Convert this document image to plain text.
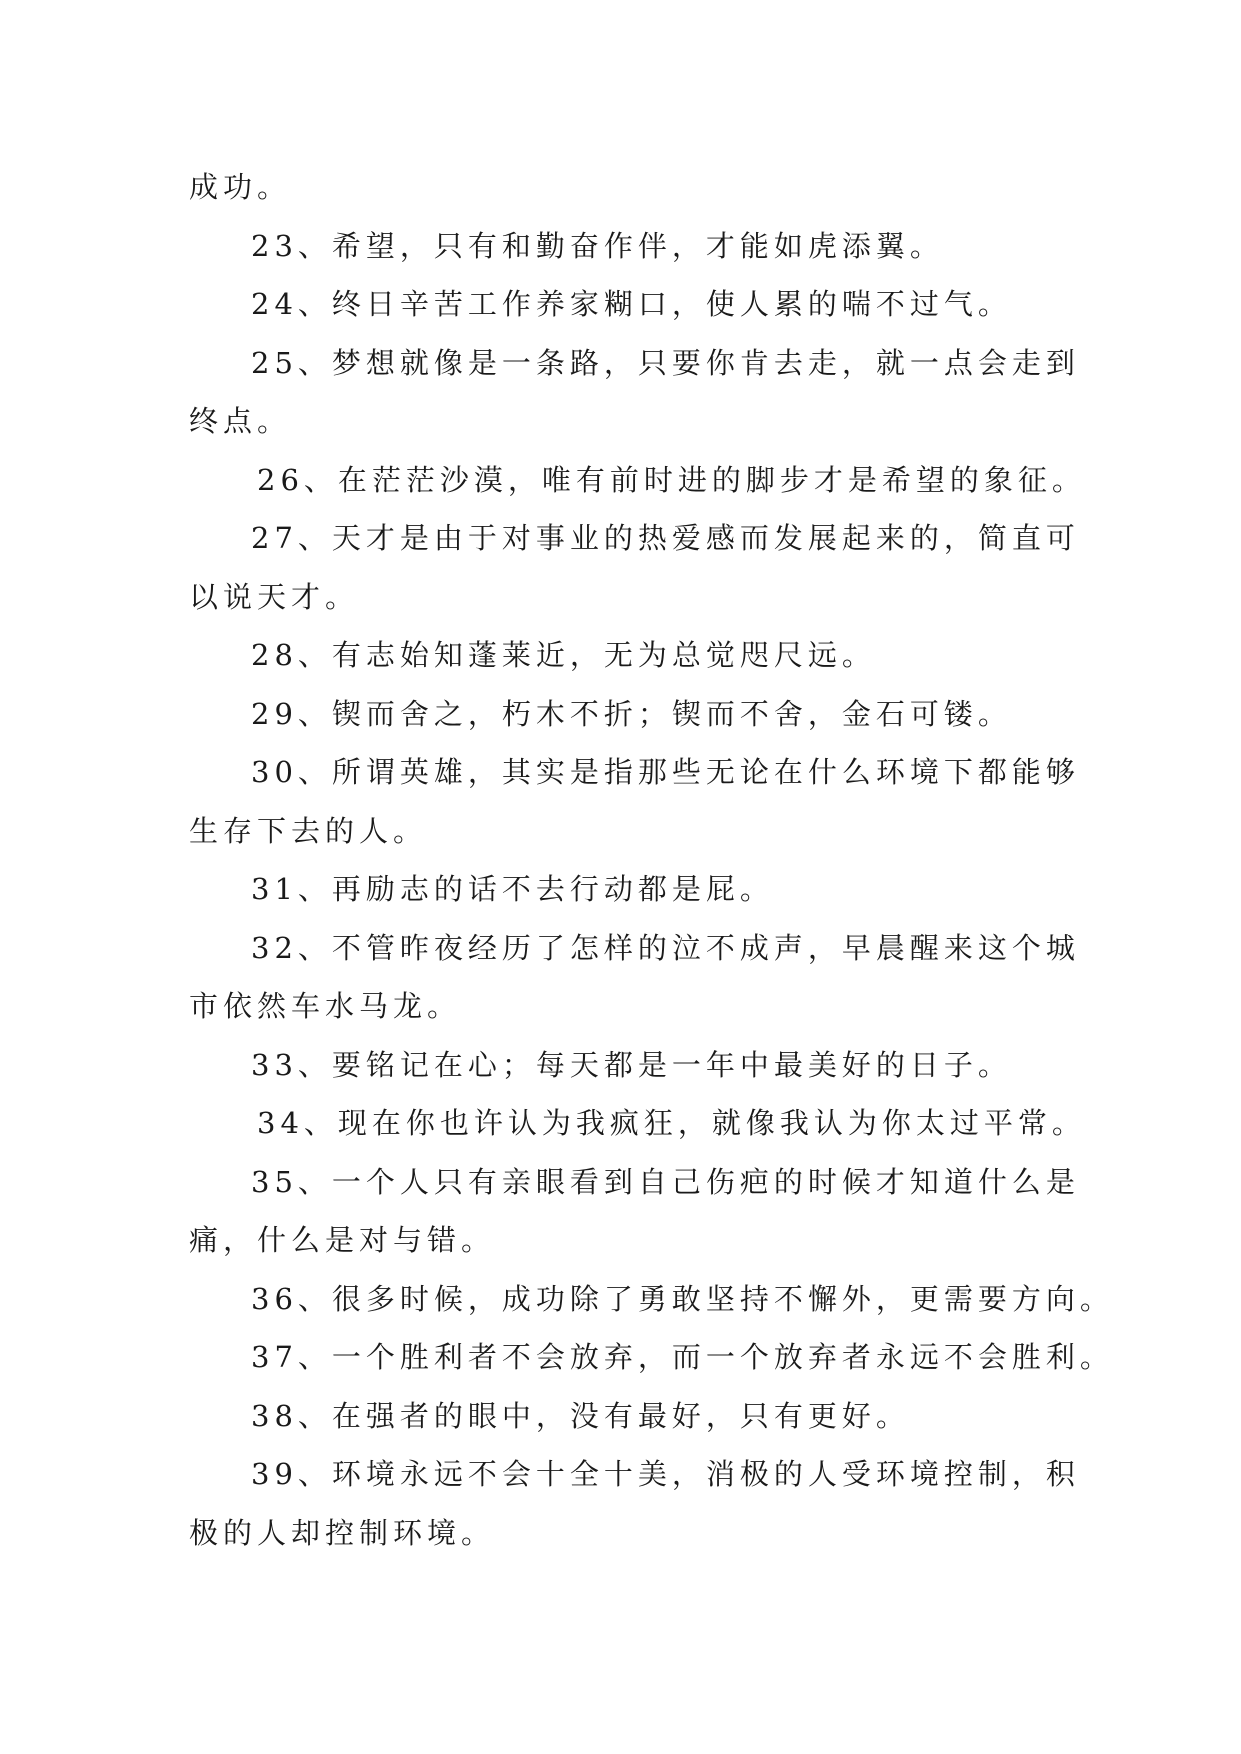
成功。
23、希望，只有和勤奋作伴，才能如虎添翼。
24、终日辛苦工作养家糊口，使人累的喘不过气。
25、梦想就像是一条路，只要你肯去走，就一点会走到
终点。
26、在茫茫沙漠，唯有前时进的脚步才是希望的象征。
27、天才是由于对事业的热爱感而发展起来的，简直可
以说天才。
28、有志始知蓬莱近，无为总觉咫尺远。
29、锲而舍之，朽木不折；锲而不舍，金石可镂。
30、所谓英雄，其实是指那些无论在什么环境下都能够
生存下去的人。
31、再励志的话不去行动都是屁。
32、不管昨夜经历了怎样的泣不成声，早晨醒来这个城
市依然车水马龙。
33、要铭记在心；每天都是一年中最美好的日子。
34、现在你也许认为我疯狂，就像我认为你太过平常。
35、一个人只有亲眼看到自己伤疤的时候才知道什么是
痛，什么是对与错。
36、很多时候，成功除了勇敢坚持不懈外，更需要方向。
37、一个胜利者不会放弃，而一个放弃者永远不会胜利。
38、在强者的眼中，没有最好，只有更好。
39、环境永远不会十全十美，消极的人受环境控制，积
极的人却控制环境。
